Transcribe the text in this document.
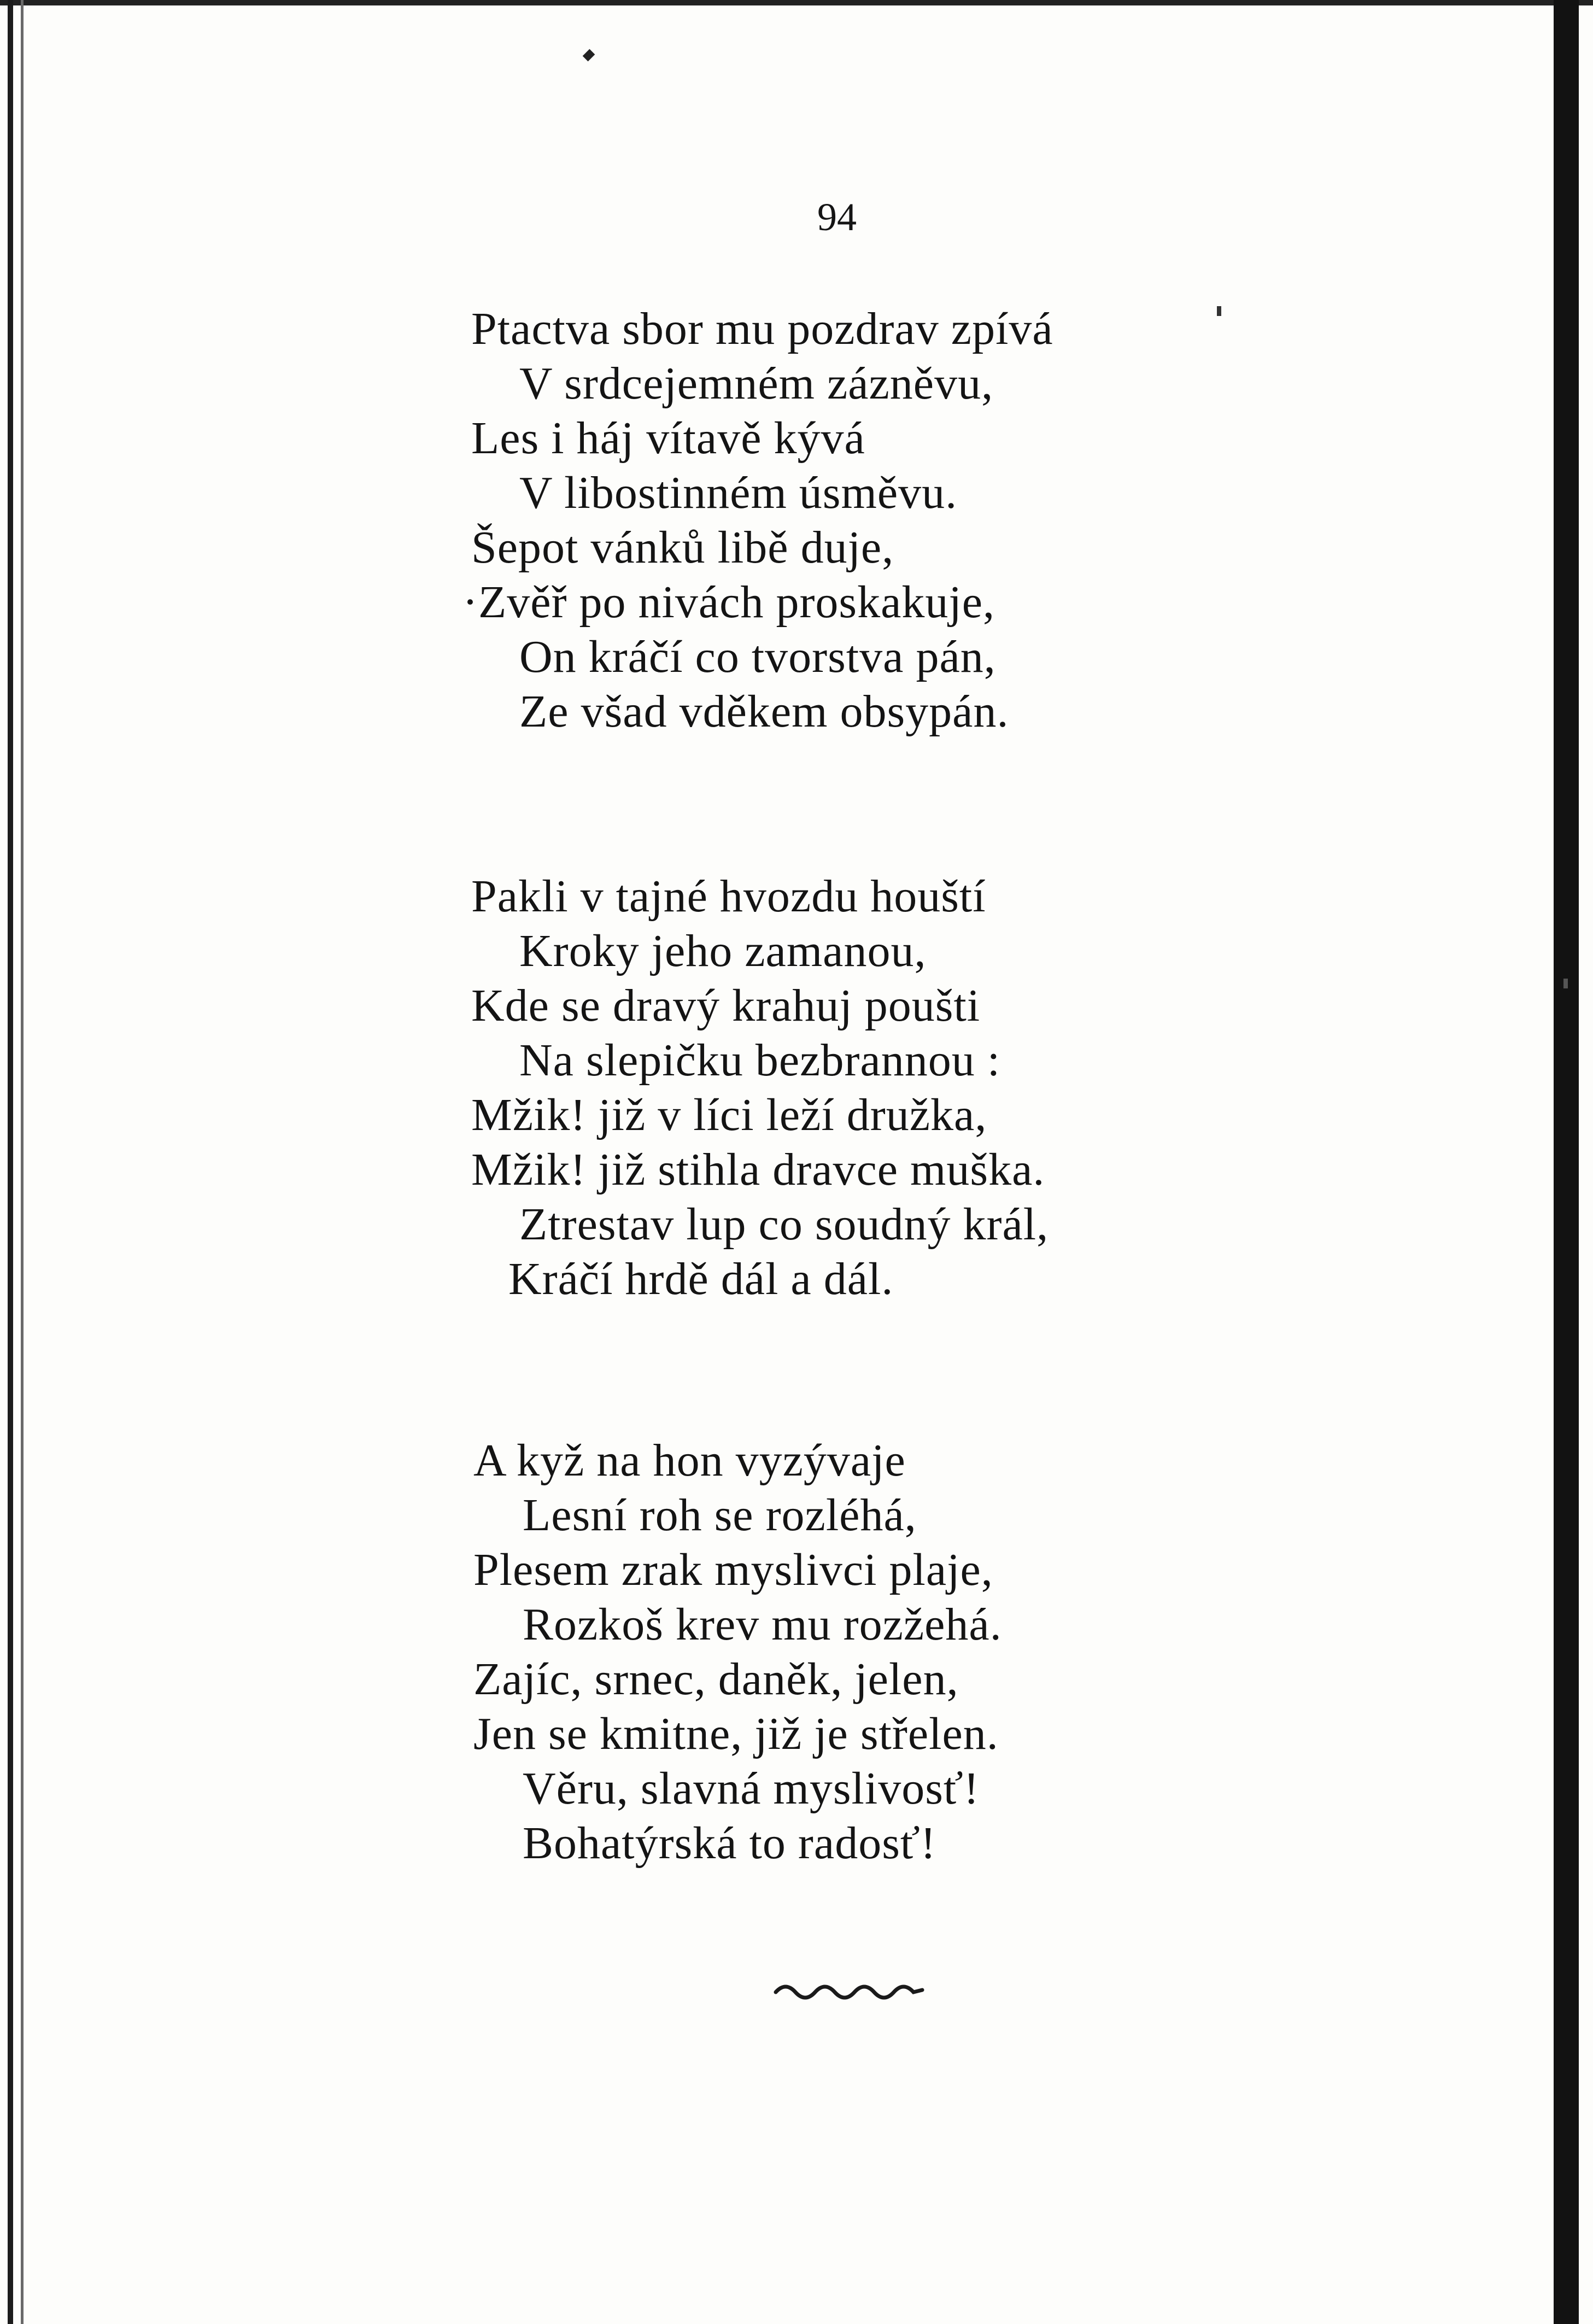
94
Ptactva sbor mu pozdrav zpívá
V srdcejemném zázněvu,
Les i háj vítavě kývá
V libostinném úsměvu.
Šepot vánků libě duje,
·Zvěř po nivách proskakuje,
On kráčí co tvorstva pán,
Ze všad vděkem obsypán.
Pakli v tajné hvozdu houští
Kroky jeho zamanou,
Kde se dravý krahuj poušti
Na slepičku bezbrannou :
Mžik! již v líci leží družka,
Mžik! již stihla dravce muška.
Ztrestav lup co soudný král,
Kráčí hrdě dál a dál.
A kyž na hon vyzývaje
Lesní roh se rozléhá,
Plesem zrak myslivci plaje,
Rozkoš krev mu rozžehá.
Zajíc, srnec, daněk, jelen,
Jen se kmitne, již je střelen.
Věru, slavná myslivosť!
Bohatýrská to radosť!
